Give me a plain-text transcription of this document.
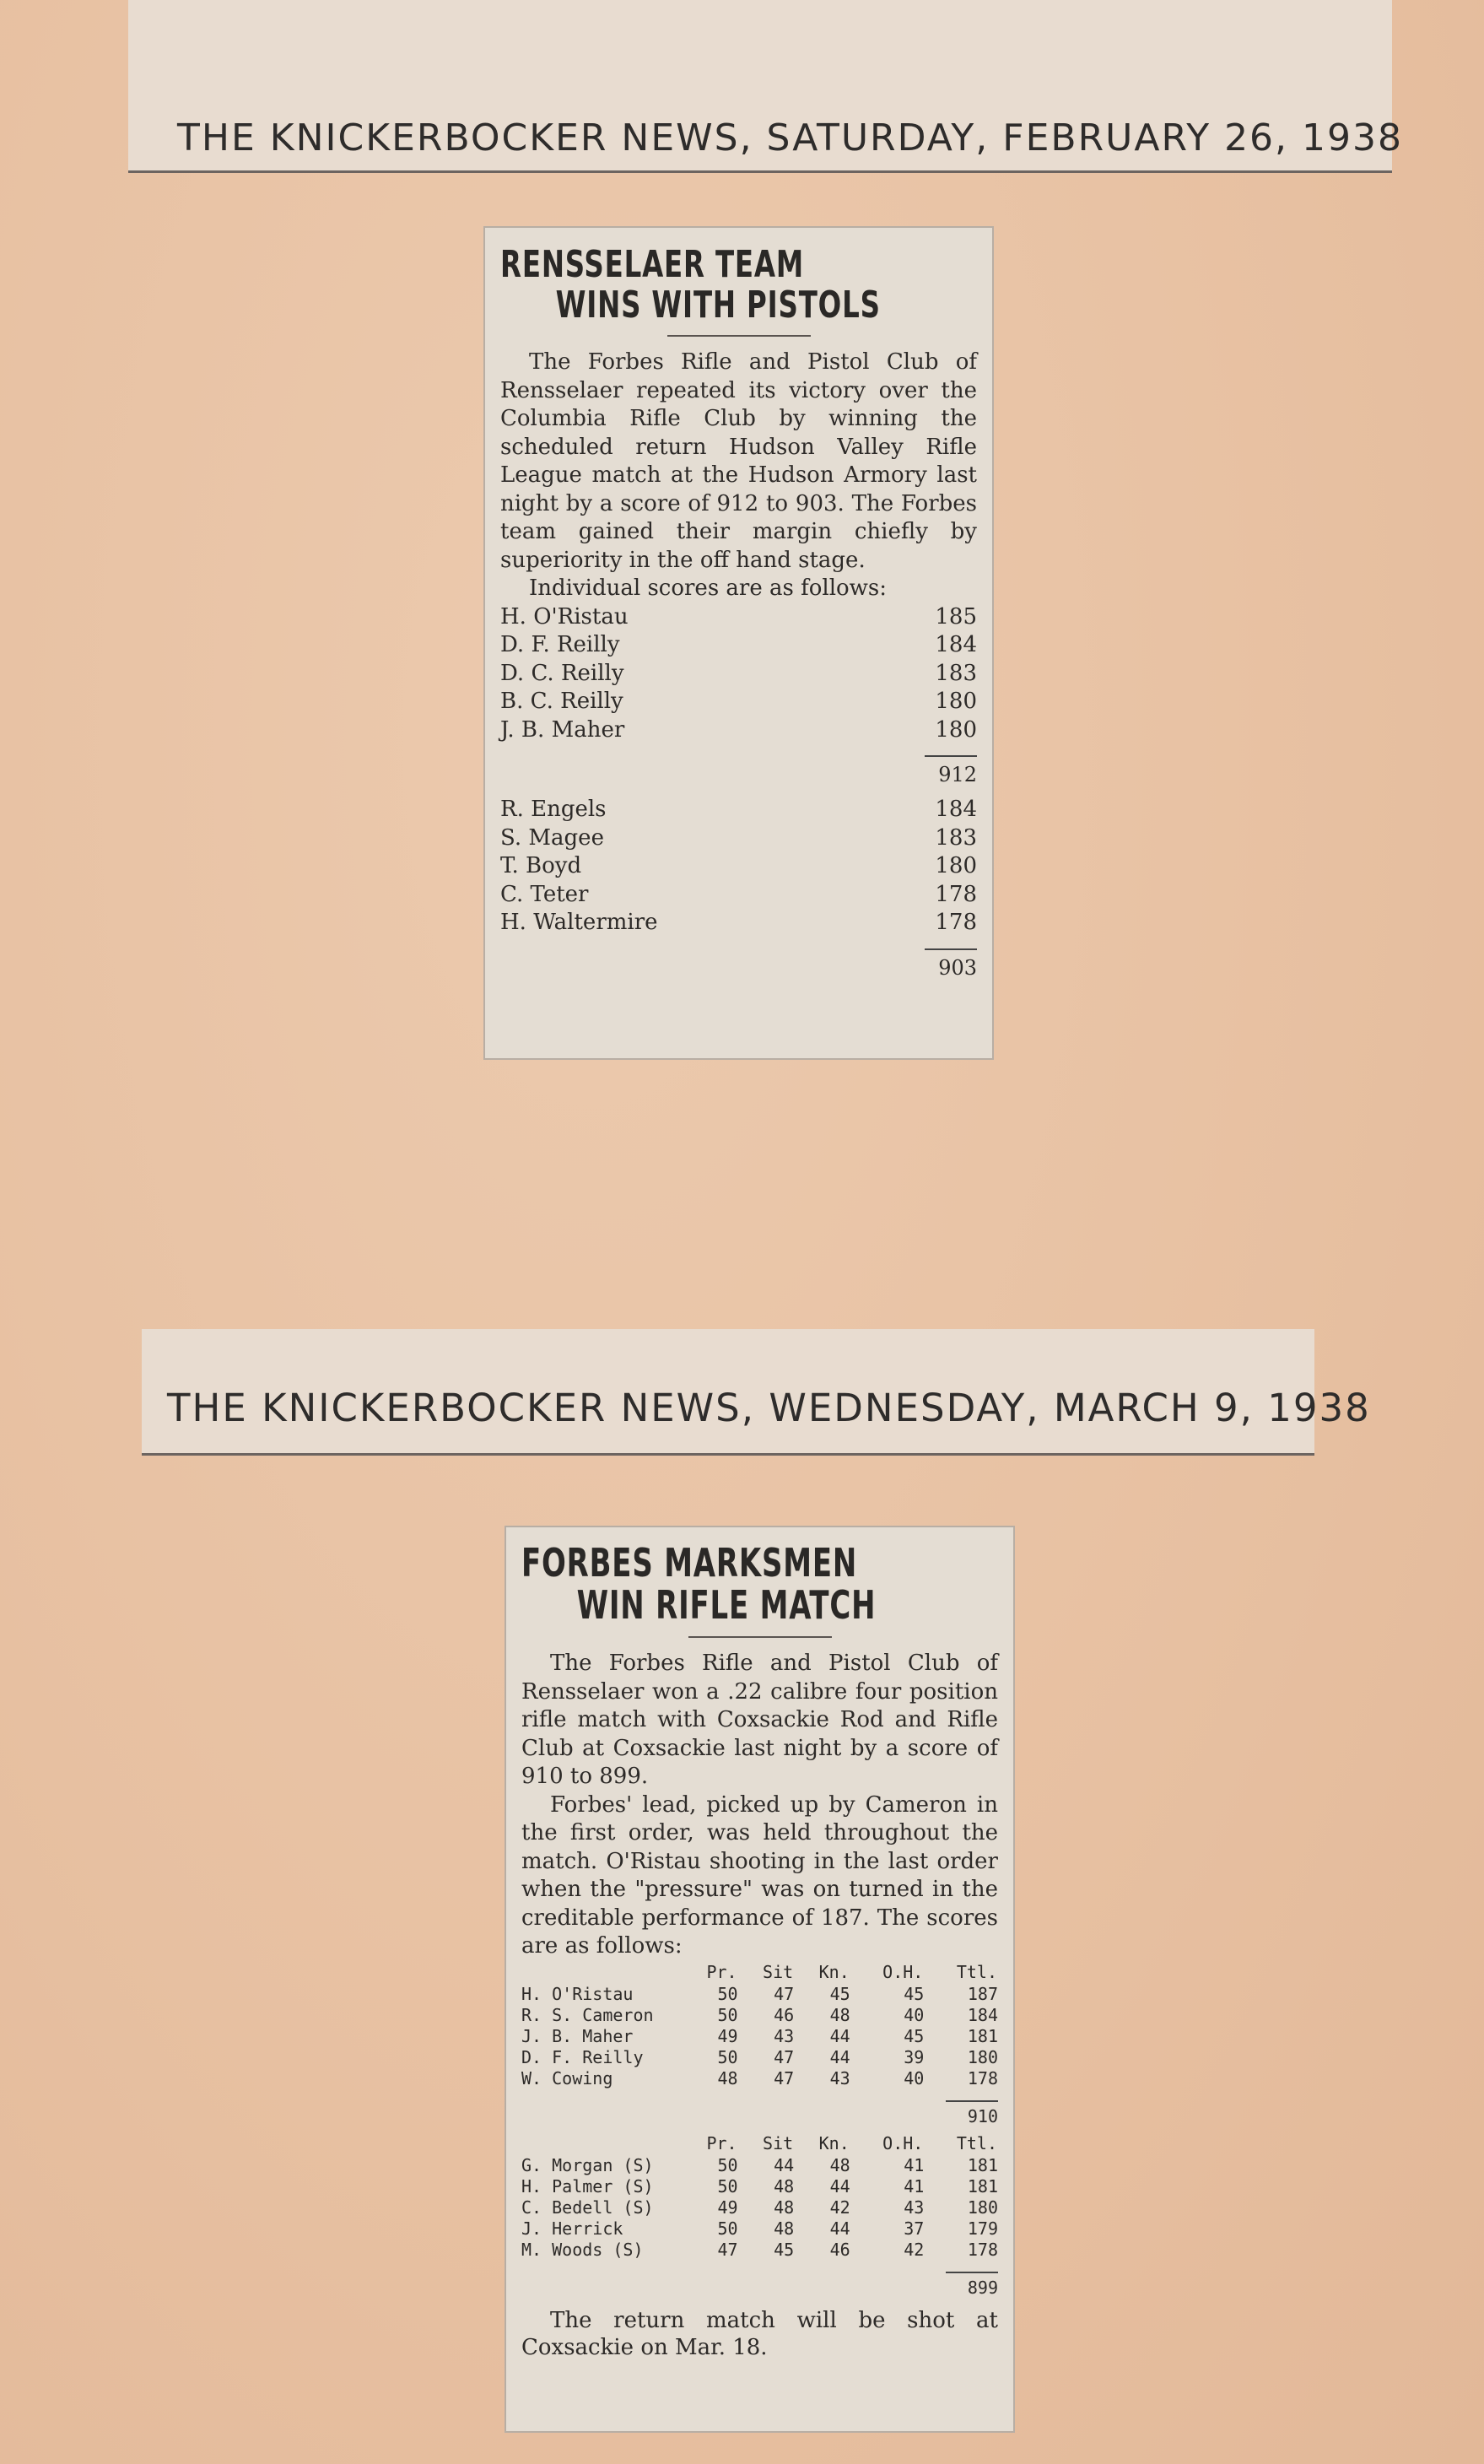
THE KNICKERBOCKER NEWS, SATURDAY, FEBRUARY 26, 1938
RENSSELAER TEAM
WINS WITH PISTOLS

The Forbes Rifle and Pistol Club of Rensselaer repeated its victory over the Columbia Rifle Club by winning the scheduled return Hudson Valley Rifle League match at the Hudson Armory last night by a score of 912 to 903. The Forbes team gained their margin chiefly by superiority in the off hand stage.

Individual scores are as follows:

H. O'Ristau	185
D. F. Reilly	184
D. C. Reilly	183
B. C. Reilly	180
J. B. Maher	180
912
R. Engels	184
S. Magee	183
T. Boyd	180
C. Teter	178
H. Waltermire	178
903
THE KNICKERBOCKER NEWS, WEDNESDAY, MARCH 9, 1938
FORBES MARKSMEN
WIN RIFLE MATCH

The Forbes Rifle and Pistol Club of Rensselaer won a .22 calibre four position rifle match with Coxsackie Rod and Rifle Club at Coxsackie last night by a score of 910 to 899.

Forbes' lead, picked up by Cameron in the first order, was held throughout the match. O'Ristau shooting in the last order when the "pressure" was on turned in the creditable performance of 187. The scores are as follows:

	Pr.	Sit	Kn.	O.H.	Ttl.
H. O'Ristau	50	47	45	45	187
R. S. Cameron	50	46	48	40	184
J. B. Maher	49	43	44	45	181
D. F. Reilly	50	47	44	39	180
W. Cowing	48	47	43	40	178
910
	Pr.	Sit	Kn.	O.H.	Ttl.
G. Morgan (S)	50	44	48	41	181
H. Palmer (S)	50	48	44	41	181
C. Bedell (S)	49	48	42	43	180
J. Herrick	50	48	44	37	179
M. Woods (S)	47	45	46	42	178
899

The return match will be shot at Coxsackie on Mar. 18.
